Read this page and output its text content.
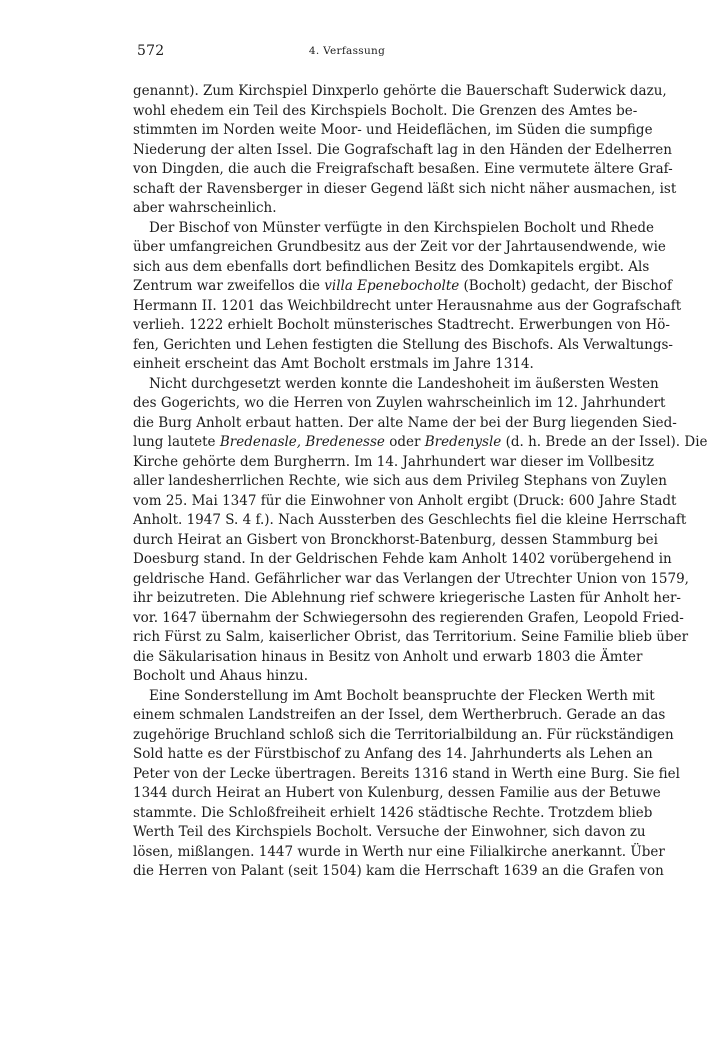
572	4. Verfassung
genannt). Zum Kirchspiel Dinxperlo gehörte die Bauerschaft Suderwick dazu,
wohl ehedem ein Teil des Kirchspiels Bocholt. Die Grenzen des Amtes be-
stimmten im Norden weite Moor- und Heideflächen, im Süden die sumpfige
Niederung der alten Issel. Die Gografschaft lag in den Händen der Edelherren
von Dingden, die auch die Freigrafschaft besaßen. Eine vermutete ältere Graf-
schaft der Ravensberger in dieser Gegend läßt sich nicht näher ausmachen, ist
aber wahrscheinlich.
Der Bischof von Münster verfügte in den Kirchspielen Bocholt und Rhede
über umfangreichen Grundbesitz aus der Zeit vor der Jahrtausendwende, wie
sich aus dem ebenfalls dort befindlichen Besitz des Domkapitels ergibt. Als
Zentrum war zweifellos die villa Epenebocholte (Bocholt) gedacht, der Bischof
Hermann II. 1201 das Weichbildrecht unter Herausnahme aus der Gografschaft
verlieh. 1222 erhielt Bocholt münsterisches Stadtrecht. Erwerbungen von Hö-
fen, Gerichten und Lehen festigten die Stellung des Bischofs. Als Verwaltungs-
einheit erscheint das Amt Bocholt erstmals im Jahre 1314.
Nicht durchgesetzt werden konnte die Landeshoheit im äußersten Westen
des Gogerichts, wo die Herren von Zuylen wahrscheinlich im 12. Jahrhundert
die Burg Anholt erbaut hatten. Der alte Name der bei der Burg liegenden Sied-
lung lautete Bredenasle, Bredenesse oder Bredenysle (d. h. Brede an der Issel). Die
Kirche gehörte dem Burgherrn. Im 14. Jahrhundert war dieser im Vollbesitz
aller landesherrlichen Rechte, wie sich aus dem Privileg Stephans von Zuylen
vom 25. Mai 1347 für die Einwohner von Anholt ergibt (Druck: 600 Jahre Stadt
Anholt. 1947 S. 4 f.). Nach Aussterben des Geschlechts fiel die kleine Herrschaft
durch Heirat an Gisbert von Bronckhorst-Batenburg, dessen Stammburg bei
Doesburg stand. In der Geldrischen Fehde kam Anholt 1402 vorübergehend in
geldrische Hand. Gefährlicher war das Verlangen der Utrechter Union von 1579,
ihr beizutreten. Die Ablehnung rief schwere kriegerische Lasten für Anholt her-
vor. 1647 übernahm der Schwiegersohn des regierenden Grafen, Leopold Fried-
rich Fürst zu Salm, kaiserlicher Obrist, das Territorium. Seine Familie blieb über
die Säkularisation hinaus in Besitz von Anholt und erwarb 1803 die Ämter
Bocholt und Ahaus hinzu.
Eine Sonderstellung im Amt Bocholt beanspruchte der Flecken Werth mit
einem schmalen Landstreifen an der Issel, dem Wertherbruch. Gerade an das
zugehörige Bruchland schloß sich die Territorialbildung an. Für rückständigen
Sold hatte es der Fürstbischof zu Anfang des 14. Jahrhunderts als Lehen an
Peter von der Lecke übertragen. Bereits 1316 stand in Werth eine Burg. Sie fiel
1344 durch Heirat an Hubert von Kulenburg, dessen Familie aus der Betuwe
stammte. Die Schloßfreiheit erhielt 1426 städtische Rechte. Trotzdem blieb
Werth Teil des Kirchspiels Bocholt. Versuche der Einwohner, sich davon zu
lösen, mißlangen. 1447 wurde in Werth nur eine Filialkirche anerkannt. Über
die Herren von Palant (seit 1504) kam die Herrschaft 1639 an die Grafen von
